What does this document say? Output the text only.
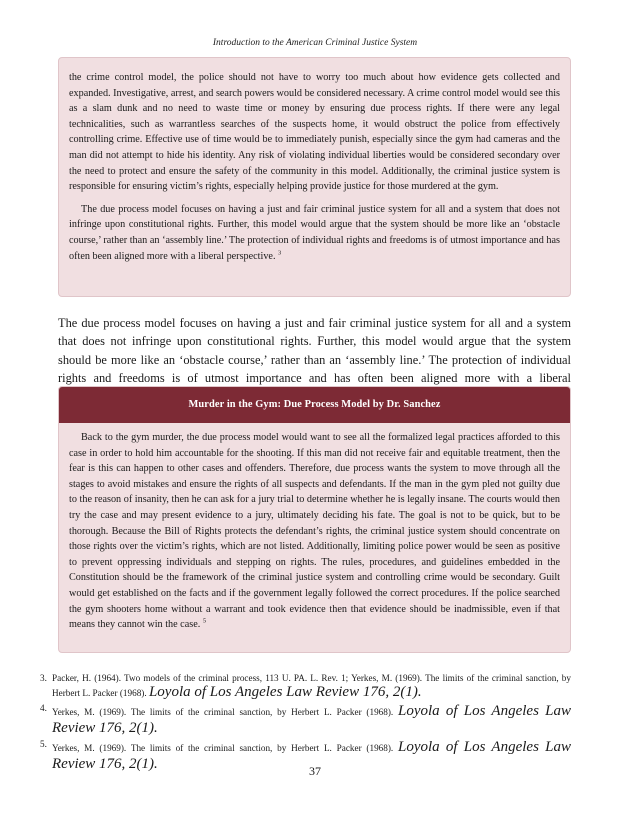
Introduction to the American Criminal Justice System

the crime control model, the police should not have to worry too much about how evidence gets collected and expanded. Investigative, arrest, and search powers would be considered necessary. A crime control model would see this as a slam dunk and no need to waste time or money by ensuring due process rights. If there were any legal technicalities, such as warrantless searches of the suspects home, it would obstruct the police from effectively controlling crime. Effective use of time would be to immediately punish, especially since the gym had cameras and the man did not attempt to hide his identity. Any risk of violating individual liberties would be considered secondary over the need to protect and ensure the safety of the community in this model. Additionally, the criminal justice system is responsible for ensuring victim’s rights, especially helping provide justice for those murdered at the gym.

The due process model focuses on having a just and fair criminal justice system for all and a system that does not infringe upon constitutional rights. Further, this model would argue that the system should be more like an ‘obstacle course,’ rather than an ‘assembly line.’ The protection of individual rights and freedoms is of utmost importance and has often been aligned more with a liberal perspective. $^3$

The due process model focuses on having a just and fair criminal justice system for all and a system that does not infringe upon constitutional rights. Further, this model would argue that the system should be more like an ‘obstacle course,’ rather than an ‘assembly line.’ The protection of individual rights and freedoms is of utmost importance and has often been aligned more with a liberal

Murder in the Gym: Due Process Model by Dr. Sanchez

Back to the gym murder, the due process model would want to see all the formalized legal practices afforded to this case in order to hold him accountable for the shooting. If this man did not receive fair and equitable treatment, then the fear is this can happen to other cases and offenders. Therefore, due process wants the system to move through all the stages to avoid mistakes and ensure the rights of all suspects and defendants. If the man in the gym pled not guilty due to the reason of insanity, then he can ask for a jury trial to determine whether he is legally insane. The courts would then try the case and may present evidence to a jury, ultimately deciding his fate. The goal is not to be quick, but to be thorough. Because the Bill of Rights protects the defendant’s rights, the criminal justice system should concentrate on those rights over the victim’s rights, which are not listed. Additionally, limiting police power would be seen as positive to prevent oppressing individuals and stepping on rights. The rules, procedures, and guidelines embedded in the Constitution should be the framework of the criminal justice system and controlling crime would be secondary. Guilt would get established on the facts and if the government legally followed the correct procedures. If the police searched the gym shooters home without a warrant and took evidence then that evidence should be inadmissible, even if that means they cannot win the case. $^5$

3. Packer, H. (1964). Two models of the criminal process, 113 U. PA. L. Rev. 1; Yerkes, M. (1969). The limits of the criminal sanction, by Herbert L. Packer (1968). Loyola of Los Angeles Law Review 176, 2(1).
4. Yerkes, M. (1969). The limits of the criminal sanction, by Herbert L. Packer (1968). Loyola of Los Angeles Law Review 176, 2(1).
5. Yerkes, M. (1969). The limits of the criminal sanction, by Herbert L. Packer (1968). Loyola of Los Angeles Law Review 176, 2(1).	37
